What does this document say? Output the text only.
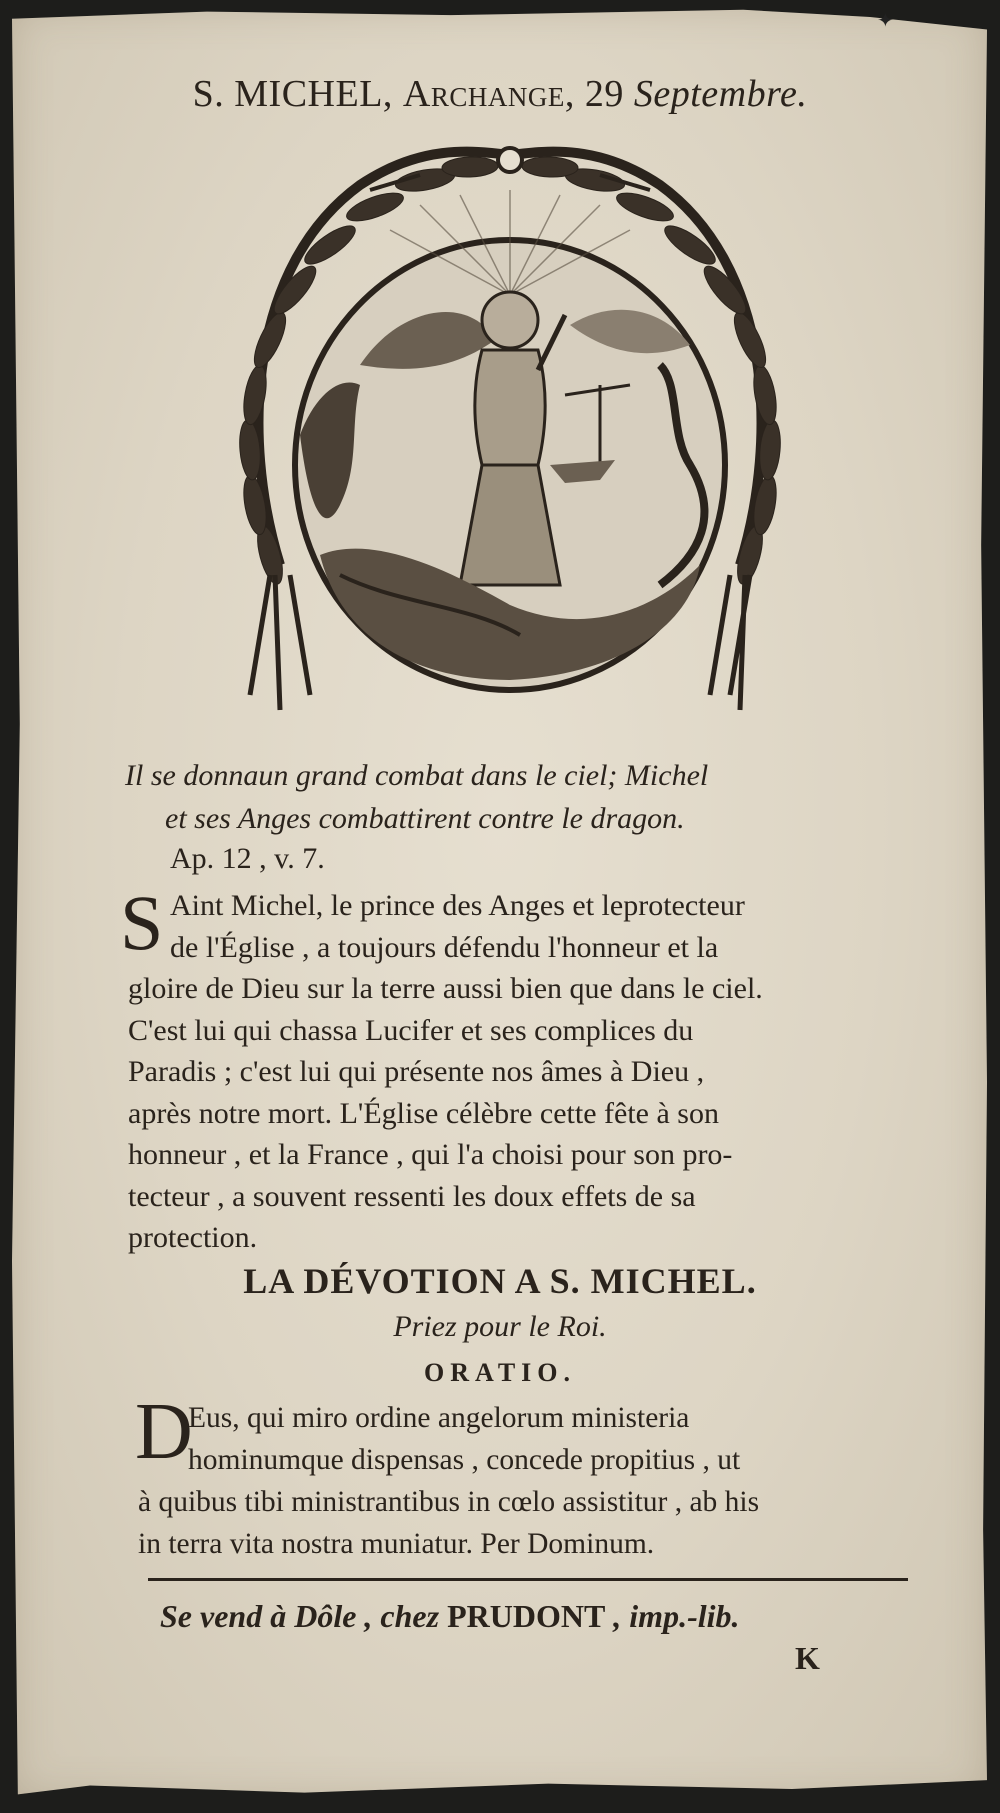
✦
S. MICHEL, Archange, 29 Septembre.
Il se donnaun grand combat dans le ciel; Michel
et ses Anges combattirent contre le dragon.
Ap. 12 , v. 7.
S Aint Michel, le prince des Anges et leprotecteur
de l'Église , a toujours défendu l'honneur et la
gloire de Dieu sur la terre aussi bien que dans le ciel.
C'est lui qui chassa Lucifer et ses complices du
Paradis ; c'est lui qui présente nos âmes à Dieu ,
après notre mort. L'Église célèbre cette fête à son
honneur , et la France , qui l'a choisi pour son pro-
tecteur , a souvent ressenti les doux effets de sa
protection.
LA DÉVOTION A S. MICHEL.
Priez pour le Roi.
ORATIO.
D
Eus, qui miro ordine angelorum ministeria
hominumque dispensas , concede propitius , ut
à quibus tibi ministrantibus in cœlo assistitur , ab his
in terra vita nostra muniatur. Per Dominum.
Se vend à Dôle , chez PRUDONT , imp.-lib.
K
